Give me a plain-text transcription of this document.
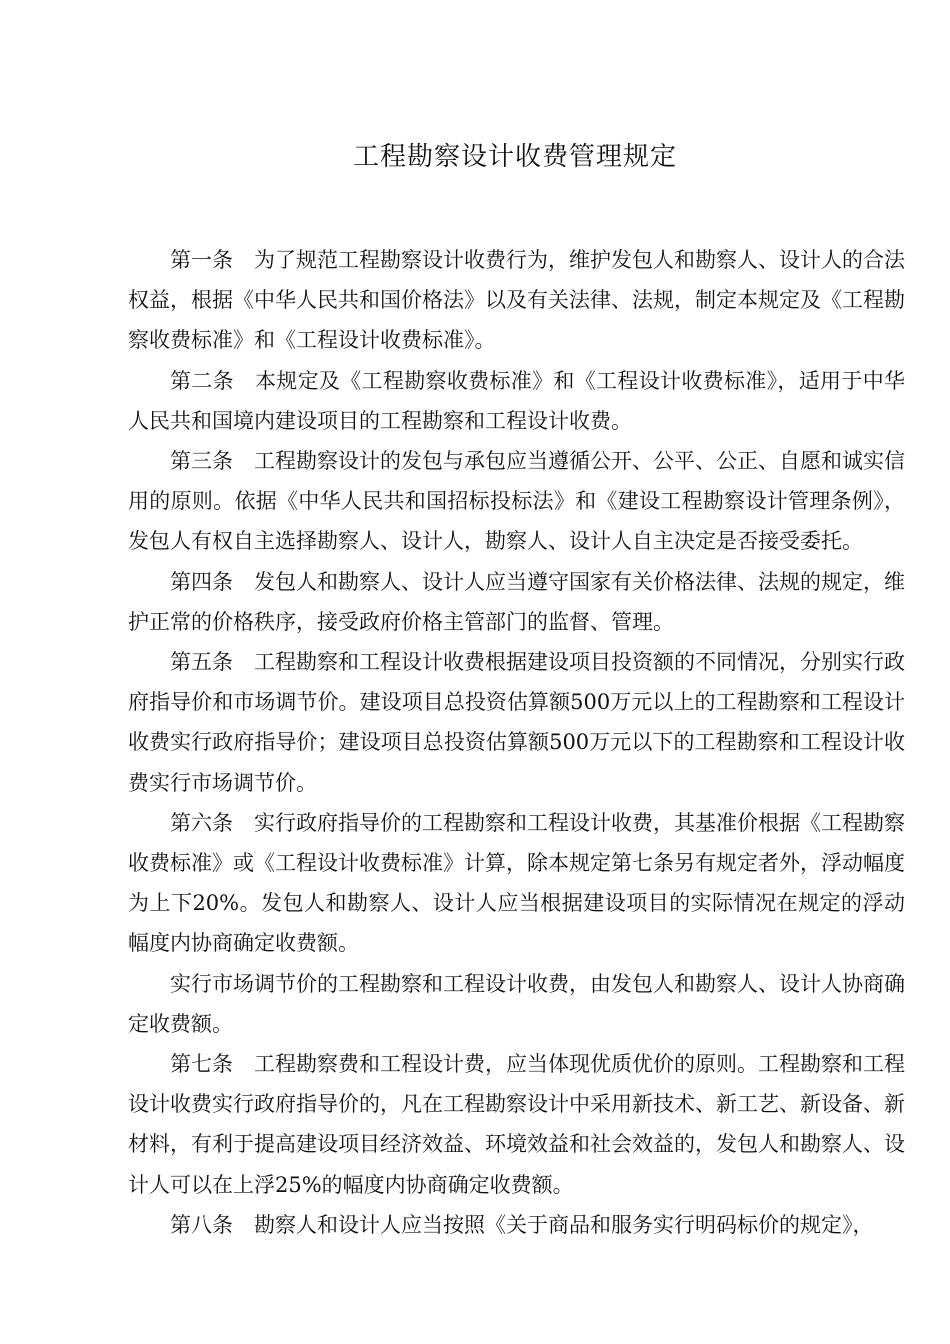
工程勘察设计收费管理规定

第一条 为了规范工程勘察设计收费行为，维护发包人和勘察人、设计人的合法权益，根据《中华人民共和国价格法》以及有关法律、法规，制定本规定及《工程勘察收费标准》和《工程设计收费标准》。

第二条 本规定及《工程勘察收费标准》和《工程设计收费标准》，适用于中华人民共和国境内建设项目的工程勘察和工程设计收费。

第三条 工程勘察设计的发包与承包应当遵循公开、公平、公正、自愿和诚实信用的原则。依据《中华人民共和国招标投标法》和《建设工程勘察设计管理条例》，发包人有权自主选择勘察人、设计人，勘察人、设计人自主决定是否接受委托。

第四条 发包人和勘察人、设计人应当遵守国家有关价格法律、法规的规定，维护正常的价格秩序，接受政府价格主管部门的监督、管理。

第五条 工程勘察和工程设计收费根据建设项目投资额的不同情况，分别实行政府指导价和市场调节价。建设项目总投资估算额500万元以上的工程勘察和工程设计收费实行政府指导价；建设项目总投资估算额500万元以下的工程勘察和工程设计收费实行市场调节价。

第六条 实行政府指导价的工程勘察和工程设计收费，其基准价根据《工程勘察收费标准》或《工程设计收费标准》计算，除本规定第七条另有规定者外，浮动幅度为上下20%。发包人和勘察人、设计人应当根据建设项目的实际情况在规定的浮动幅度内协商确定收费额。

实行市场调节价的工程勘察和工程设计收费，由发包人和勘察人、设计人协商确定收费额。

第七条 工程勘察费和工程设计费，应当体现优质优价的原则。工程勘察和工程设计收费实行政府指导价的，凡在工程勘察设计中采用新技术、新工艺、新设备、新材料，有利于提高建设项目经济效益、环境效益和社会效益的，发包人和勘察人、设计人可以在上浮25%的幅度内协商确定收费额。

第八条 勘察人和设计人应当按照《关于商品和服务实行明码标价的规定》，
